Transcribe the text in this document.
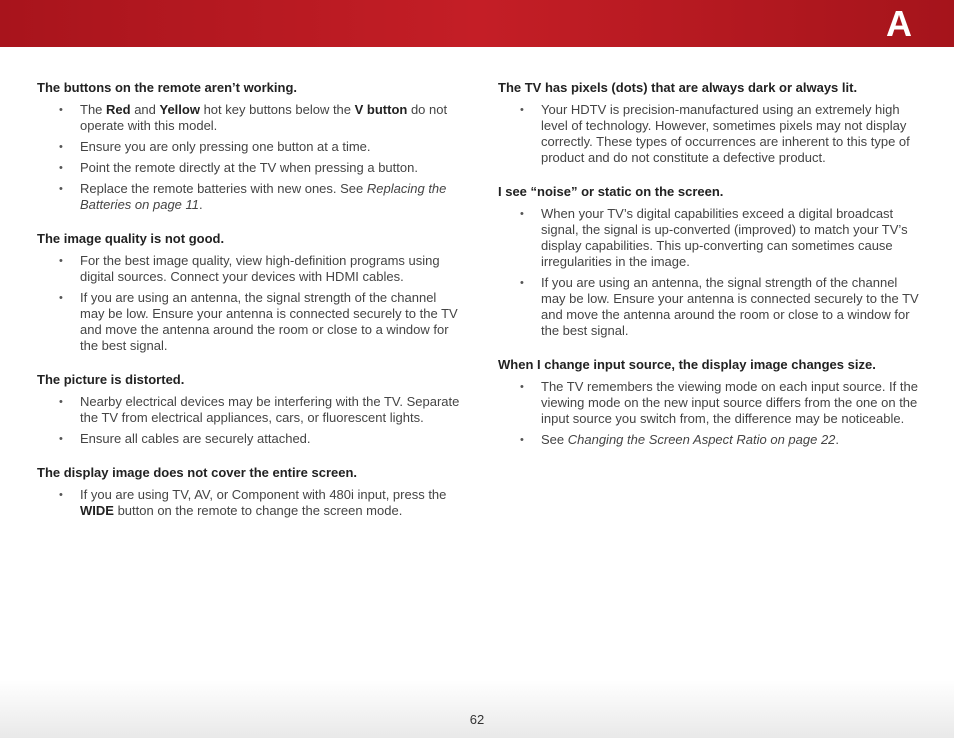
A
The buttons on the remote aren’t working.
• The Red and Yellow hot key buttons below the V button do not operate with this model.
• Ensure you are only pressing one button at a time.
• Point the remote directly at the TV when pressing a button.
• Replace the remote batteries with new ones. See Replacing the Batteries on page 11.
The image quality is not good.
• For the best image quality, view high-definition programs using digital sources. Connect your devices with HDMI cables.
• If you are using an antenna, the signal strength of the channel may be low. Ensure your antenna is connected securely to the TV and move the antenna around the room or close to a window for the best signal.
The picture is distorted.
• Nearby electrical devices may be interfering with the TV. Separate the TV from electrical appliances, cars, or fluorescent lights.
• Ensure all cables are securely attached.
The display image does not cover the entire screen.
• If you are using TV, AV, or Component with 480i input, press the WIDE button on the remote to change the screen mode.
The TV has pixels (dots) that are always dark or always lit.
• Your HDTV is precision-manufactured using an extremely high level of technology. However, sometimes pixels may not display correctly. These types of occurrences are inherent to this type of product and do not constitute a defective product.
I see “noise” or static on the screen.
• When your TV’s digital capabilities exceed a digital broadcast signal, the signal is up-converted (improved) to match your TV’s display capabilities. This up-converting can sometimes cause irregularities in the image.
• If you are using an antenna, the signal strength of the channel may be low. Ensure your antenna is connected securely to the TV and move the antenna around the room or close to a window for the best signal.
When I change input source, the display image changes size.
• The TV remembers the viewing mode on each input source. If the viewing mode on the new input source differs from the one on the input source you switch from, the difference may be noticeable.
• See Changing the Screen Aspect Ratio on page 22.
62
